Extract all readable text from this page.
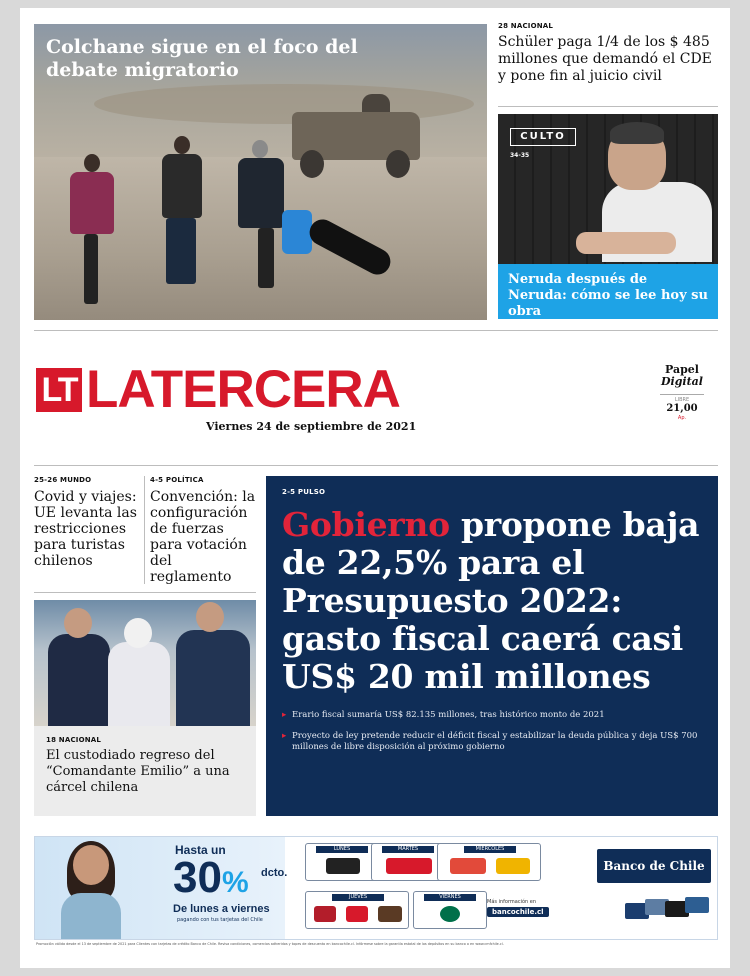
Colchane sigue en el foco del debate migratorio
28 NACIONAL
Schüler paga 1/4 de los $ 485 millones que demandó el CDE y pone fin al juicio civil
CULTO
34-35
Neruda después de Neruda: cómo se lee hoy su obra
LT LATERCERA
Viernes 24 de septiembre de 2021
Papel
Digital
LIBRE
21,00
Ap.
25-26 MUNDO
Covid y viajes: UE levanta las restricciones para turistas chilenos
4-5 POLÍTICA
Convención: la configuración de fuerzas para votación del reglamento
18 NACIONAL
El custodiado regreso del “Comandante Emilio” a una cárcel chilena
2-5 PULSO
Gobierno propone baja de 22,5% para el Presupuesto 2022: gasto fiscal caerá casi US$ 20 mil millones
▸ Erario fiscal sumaría US$ 82.135 millones, tras histórico monto de 2021
▸ Proyecto de ley pretende reducir el déficit fiscal y estabilizar la deuda pública y deja US$ 700 millones de libre disposición al próximo gobierno
Hasta un
30% dcto.
De lunes a viernes
pagando con tus tarjetas del Chile
LUNES	MARTES	MIÉRCOLES
JUEVES	VIERNES
Banco de Chile
Más información en
bancochile.cl
Promoción válida desde el 13 de septiembre de 2021 para Clientes con tarjetas de crédito Banco de Chile. Revisa condiciones, comercios adheridos y topes de descuento en bancochile.cl. Infórmese sobre la garantía estatal de los depósitos en su banco o en www.cmfchile.cl.
